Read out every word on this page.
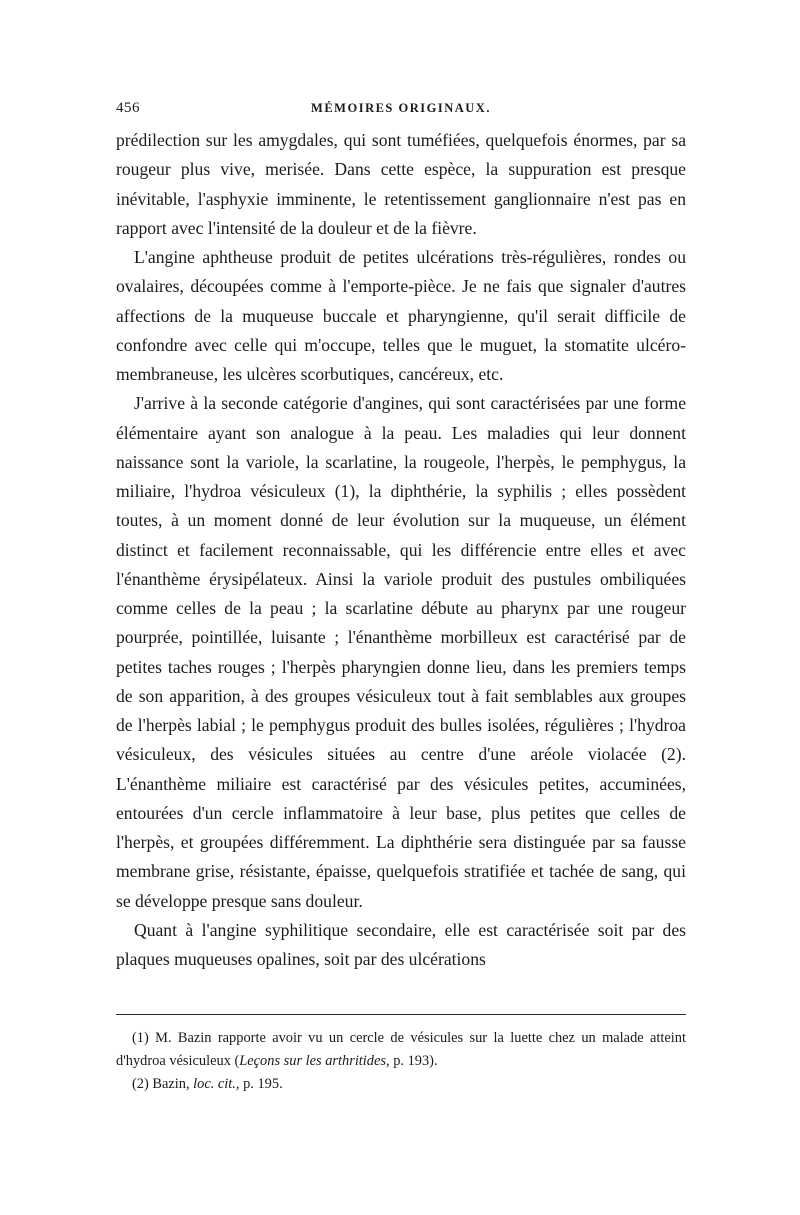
456	MÉMOIRES ORIGINAUX.

prédilection sur les amygdales, qui sont tuméfiées, quelquefois énormes, par sa rougeur plus vive, merisée. Dans cette espèce, la suppuration est presque inévitable, l'asphyxie imminente, le retentissement ganglionnaire n'est pas en rapport avec l'intensité de la douleur et de la fièvre.

L'angine aphtheuse produit de petites ulcérations très-régulières, rondes ou ovalaires, découpées comme à l'emporte-pièce. Je ne fais que signaler d'autres affections de la muqueuse buccale et pharyngienne, qu'il serait difficile de confondre avec celle qui m'occupe, telles que le muguet, la stomatite ulcéro-membraneuse, les ulcères scorbutiques, cancéreux, etc.

J'arrive à la seconde catégorie d'angines, qui sont caractérisées par une forme élémentaire ayant son analogue à la peau. Les maladies qui leur donnent naissance sont la variole, la scarlatine, la rougeole, l'herpès, le pemphygus, la miliaire, l'hydroa vésiculeux (1), la diphthérie, la syphilis ; elles possèdent toutes, à un moment donné de leur évolution sur la muqueuse, un élément distinct et facilement reconnaissable, qui les différencie entre elles et avec l'énanthème érysipélateux. Ainsi la variole produit des pustules ombiliquées comme celles de la peau ; la scarlatine débute au pharynx par une rougeur pourprée, pointillée, luisante ; l'énanthème morbilleux est caractérisé par de petites taches rouges ; l'herpès pharyngien donne lieu, dans les premiers temps de son apparition, à des groupes vésiculeux tout à fait semblables aux groupes de l'herpès labial ; le pemphygus produit des bulles isolées, régulières ; l'hydroa vésiculeux, des vésicules situées au centre d'une aréole violacée (2). L'énanthème miliaire est caractérisé par des vésicules petites, accuminées, entourées d'un cercle inflammatoire à leur base, plus petites que celles de l'herpès, et groupées différemment. La diphthérie sera distinguée par sa fausse membrane grise, résistante, épaisse, quelquefois stratifiée et tachée de sang, qui se développe presque sans douleur.

Quant à l'angine syphilitique secondaire, elle est caractérisée soit par des plaques muqueuses opalines, soit par des ulcérations

(1) M. Bazin rapporte avoir vu un cercle de vésicules sur la luette chez un malade atteint d'hydroa vésiculeux (Leçons sur les arthritides, p. 193).

(2) Bazin, loc. cit., p. 195.
